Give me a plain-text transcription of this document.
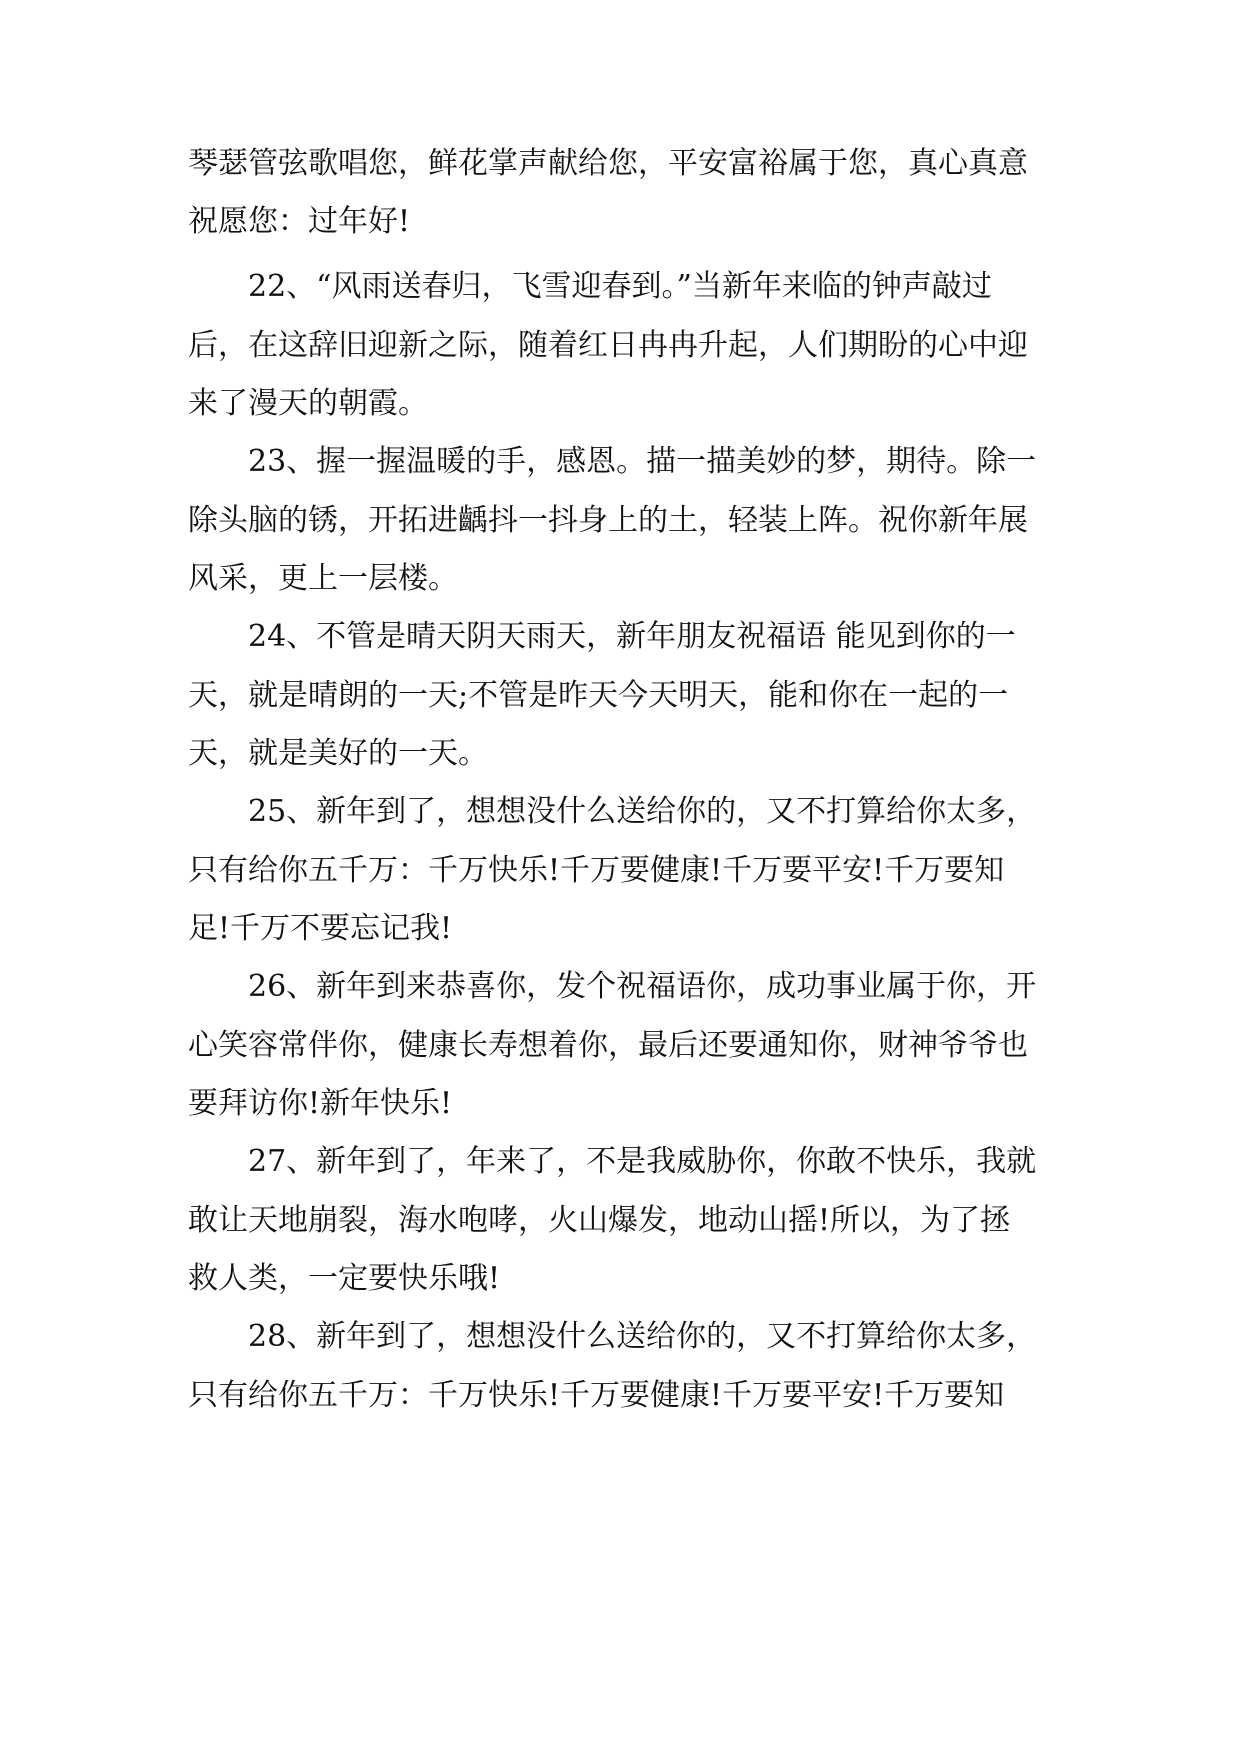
琴瑟管弦歌唱您，鲜花掌声献给您，平安富裕属于您，真心真意
祝愿您：过年好!
22、“风雨送春归，飞雪迎春到。”当新年来临的钟声敲过
后，在这辞旧迎新之际，随着红日冉冉升起，人们期盼的心中迎
来了漫天的朝霞。
23、握一握温暖的手，感恩。描一描美妙的梦，期待。除一
除头脑的锈，开拓进齲抖一抖身上的土，轻装上阵。祝你新年展
风采，更上一层楼。
24、不管是晴天阴天雨天，新年朋友祝福语 能见到你的一
天，就是晴朗的一天;不管是昨天今天明天，能和你在一起的一
天，就是美好的一天。
25、新年到了，想想没什么送给你的，又不打算给你太多，
只有给你五千万：千万快乐!千万要健康!千万要平安!千万要知
足!千万不要忘记我!
26、新年到来恭喜你，发个祝福语你，成功事业属于你，开
心笑容常伴你，健康长寿想着你，最后还要通知你，财神爷爷也
要拜访你!新年快乐!
27、新年到了，年来了，不是我威胁你，你敢不快乐，我就
敢让天地崩裂，海水咆哮，火山爆发，地动山摇!所以，为了拯
救人类，一定要快乐哦!
28、新年到了，想想没什么送给你的，又不打算给你太多，
只有给你五千万：千万快乐!千万要健康!千万要平安!千万要知
